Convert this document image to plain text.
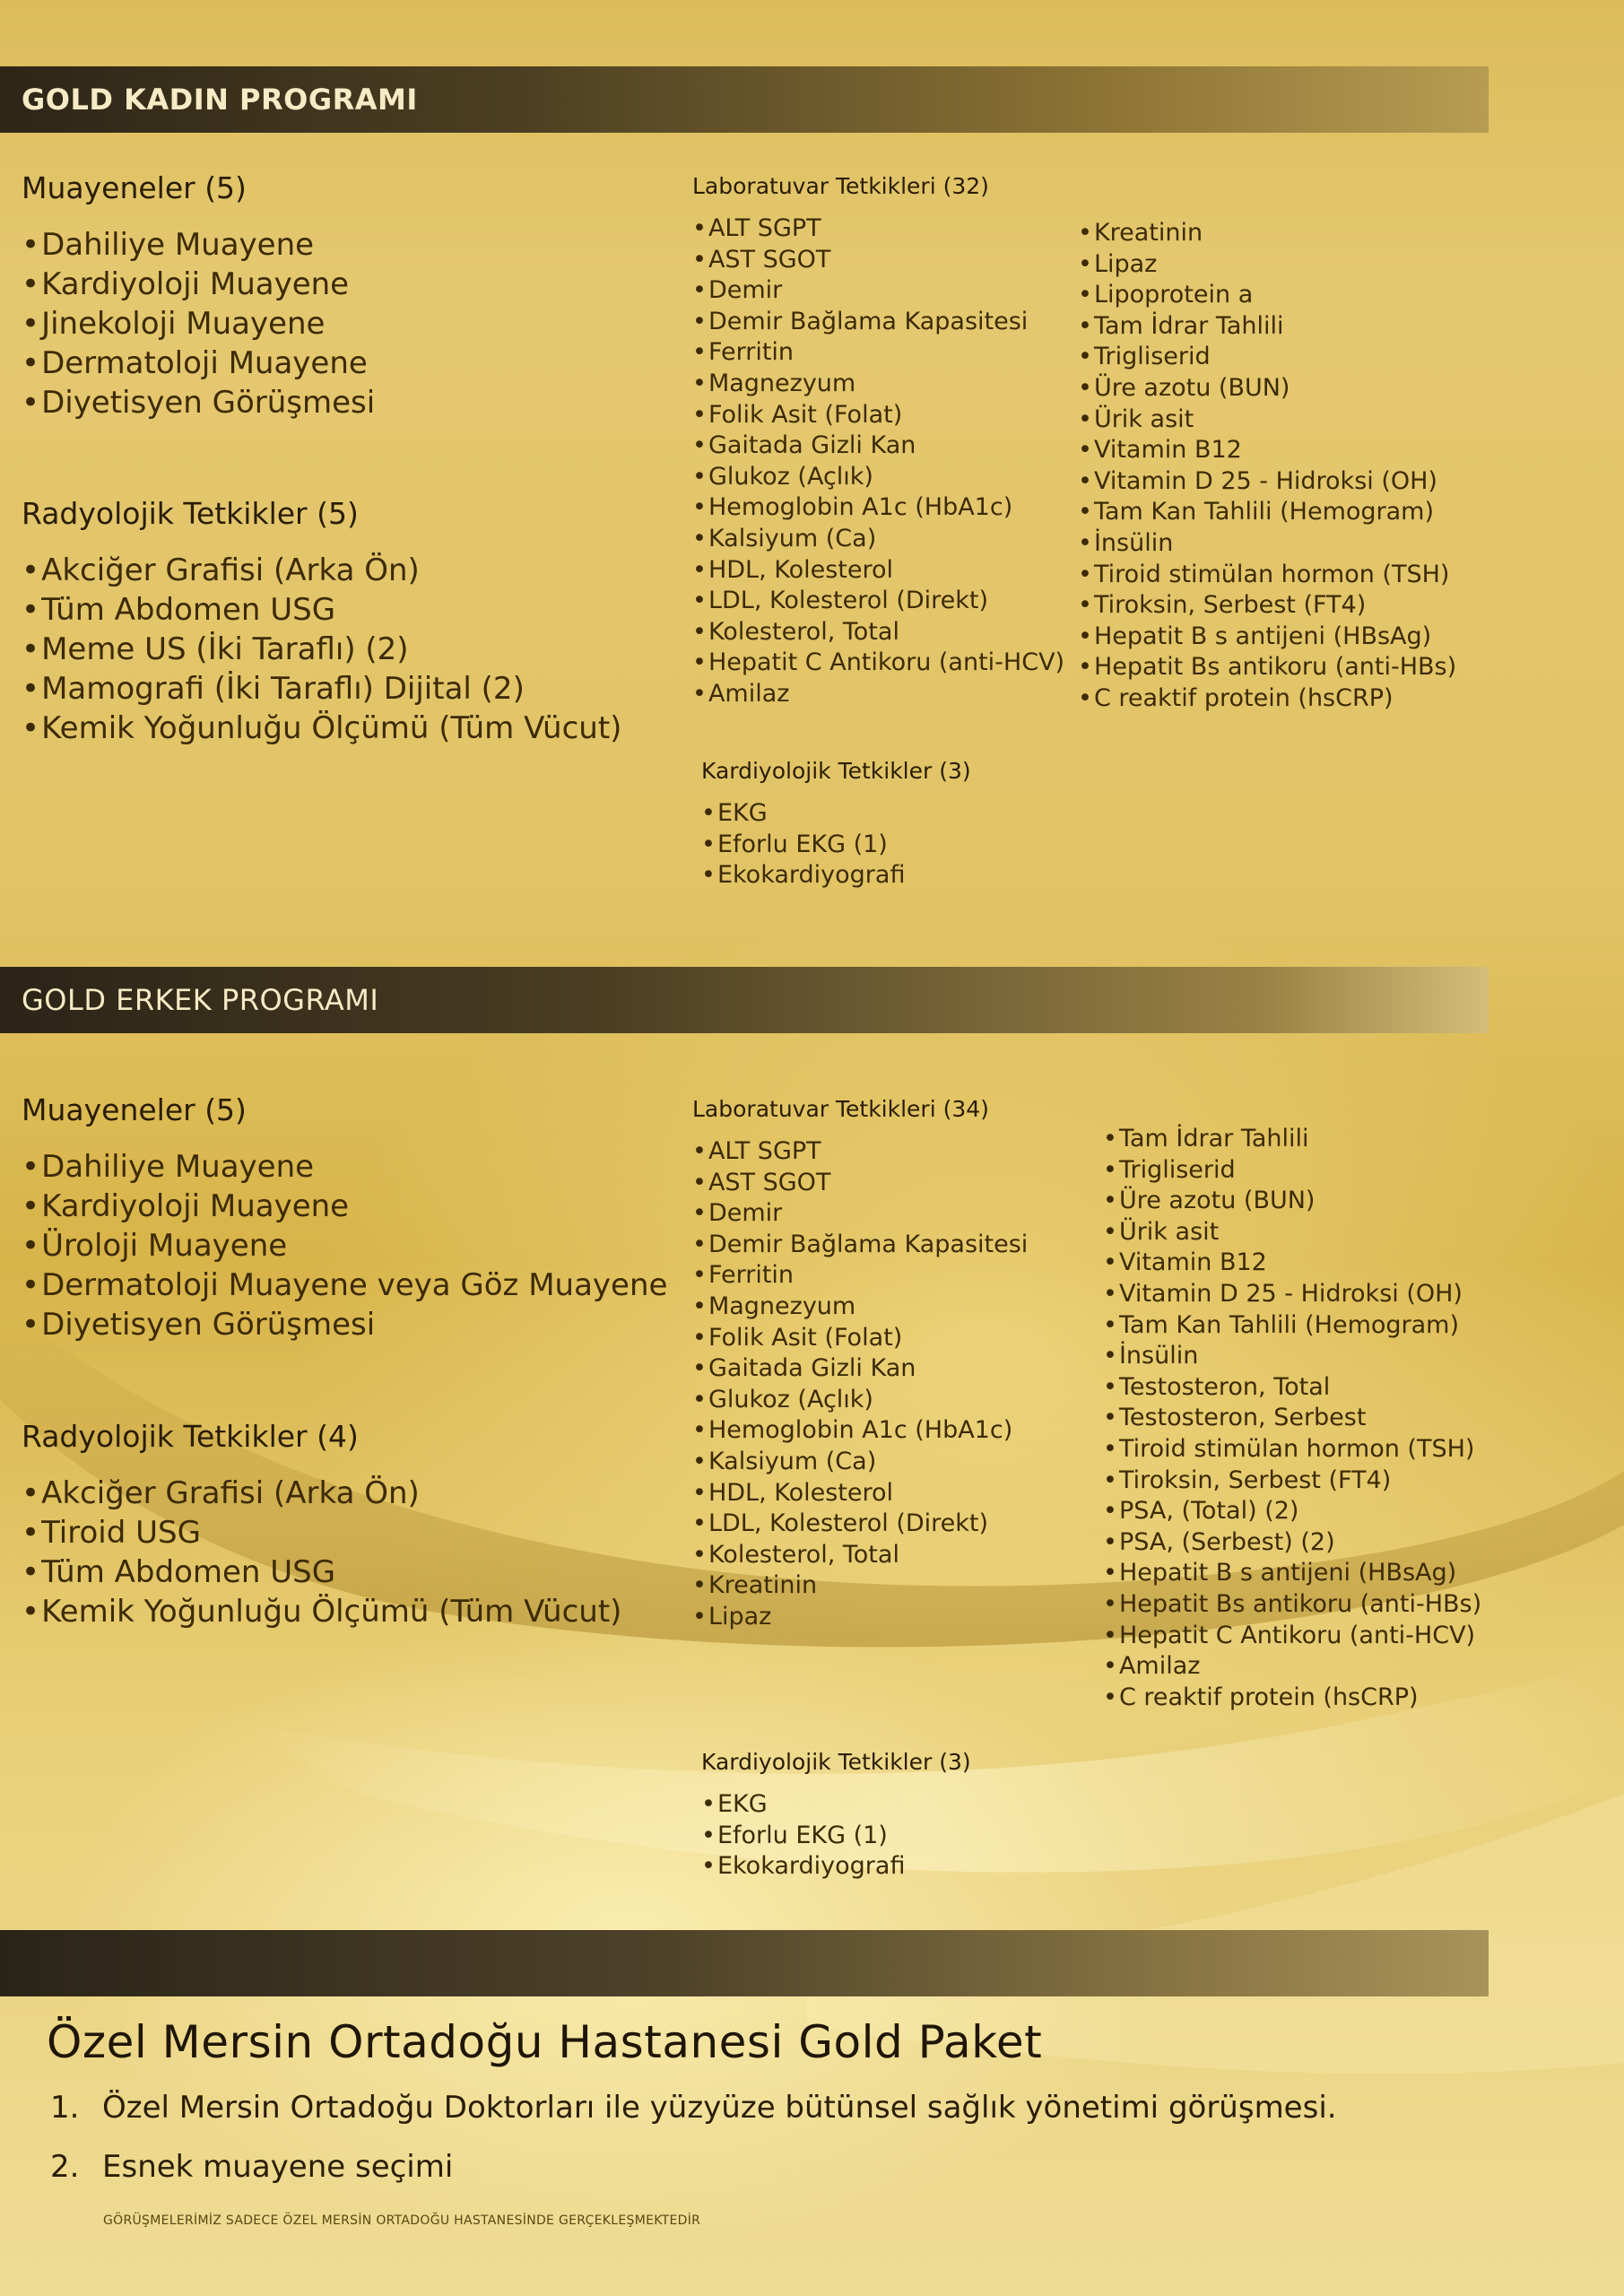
GOLD KADIN PROGRAMI
Muayeneler (5)
• Dahiliye Muayene
• Kardiyoloji Muayene
• Jinekoloji Muayene
• Dermatoloji Muayene
• Diyetisyen Görüşmesi
Radyolojik Tetkikler (5)
• Akciğer Grafisi (Arka Ön)
• Tüm Abdomen USG
• Meme US (İki Taraflı) (2)
• Mamografi (İki Taraflı) Dijital (2)
• Kemik Yoğunluğu Ölçümü (Tüm Vücut)
Laboratuvar Tetkikleri (32)
• ALT SGPT
• AST SGOT
• Demir
• Demir Bağlama Kapasitesi
• Ferritin
• Magnezyum
• Folik Asit (Folat)
• Gaitada Gizli Kan
• Glukoz (Açlık)
• Hemoglobin A1c (HbA1c)
• Kalsiyum (Ca)
• HDL, Kolesterol
• LDL, Kolesterol (Direkt)
• Kolesterol, Total
• Hepatit C Antikoru (anti-HCV)
• Amilaz
• Kreatinin
• Lipaz
• Lipoprotein a
• Tam İdrar Tahlili
• Trigliserid
• Üre azotu (BUN)
• Ürik asit
• Vitamin B12
• Vitamin D 25 - Hidroksi (OH)
• Tam Kan Tahlili (Hemogram)
• İnsülin
• Tiroid stimülan hormon (TSH)
• Tiroksin, Serbest (FT4)
• Hepatit B s antijeni (HBsAg)
• Hepatit Bs antikoru (anti-HBs)
• C reaktif protein (hsCRP)
Kardiyolojik Tetkikler (3)
• EKG
• Eforlu EKG (1)
• Ekokardiyografi
GOLD ERKEK PROGRAMI
Muayeneler (5)
• Dahiliye Muayene
• Kardiyoloji Muayene
• Üroloji Muayene
• Dermatoloji Muayene veya Göz Muayene
• Diyetisyen Görüşmesi
Radyolojik Tetkikler (4)
• Akciğer Grafisi (Arka Ön)
• Tiroid USG
• Tüm Abdomen USG
• Kemik Yoğunluğu Ölçümü (Tüm Vücut)
Laboratuvar Tetkikleri (34)
• ALT SGPT
• AST SGOT
• Demir
• Demir Bağlama Kapasitesi
• Ferritin
• Magnezyum
• Folik Asit (Folat)
• Gaitada Gizli Kan
• Glukoz (Açlık)
• Hemoglobin A1c (HbA1c)
• Kalsiyum (Ca)
• HDL, Kolesterol
• LDL, Kolesterol (Direkt)
• Kolesterol, Total
• Kreatinin
• Lipaz
• Tam İdrar Tahlili
• Trigliserid
• Üre azotu (BUN)
• Ürik asit
• Vitamin B12
• Vitamin D 25 - Hidroksi (OH)
• Tam Kan Tahlili (Hemogram)
• İnsülin
• Testosteron, Total
• Testosteron, Serbest
• Tiroid stimülan hormon (TSH)
• Tiroksin, Serbest (FT4)
• PSA, (Total) (2)
• PSA, (Serbest) (2)
• Hepatit B s antijeni (HBsAg)
• Hepatit Bs antikoru (anti-HBs)
• Hepatit C Antikoru (anti-HCV)
• Amilaz
• C reaktif protein (hsCRP)
Kardiyolojik Tetkikler (3)
• EKG
• Eforlu EKG (1)
• Ekokardiyografi
Özel Mersin Ortadoğu Hastanesi Gold Paket
1. Özel Mersin Ortadoğu Doktorları ile yüzyüze bütünsel sağlık yönetimi görüşmesi.
2. Esnek muayene seçimi
GÖRÜŞMELERİMİZ SADECE ÖZEL MERSİN ORTADOĞU HASTANESİNDE GERÇEKLEŞMEKTEDİR
